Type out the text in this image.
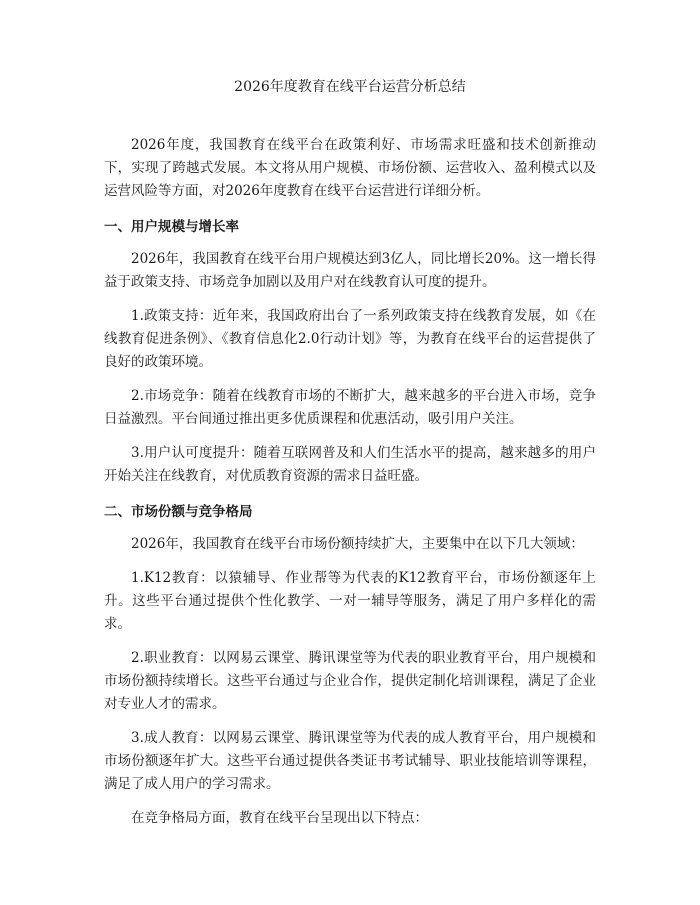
2026年度教育在线平台运营分析总结

2026年度，我国教育在线平台在政策利好、市场需求旺盛和技术创新推动下，实现了跨越式发展。本文将从用户规模、市场份额、运营收入、盈利模式以及运营风险等方面，对2026年度教育在线平台运营进行详细分析。

一、用户规模与增长率

2026年，我国教育在线平台用户规模达到3亿人，同比增长20%。这一增长得益于政策支持、市场竞争加剧以及用户对在线教育认可度的提升。

1.政策支持：近年来，我国政府出台了一系列政策支持在线教育发展，如《在线教育促进条例》、《教育信息化2.0行动计划》等，为教育在线平台的运营提供了良好的政策环境。

2.市场竞争：随着在线教育市场的不断扩大，越来越多的平台进入市场，竞争日益激烈。平台间通过推出更多优质课程和优惠活动，吸引用户关注。

3.用户认可度提升：随着互联网普及和人们生活水平的提高，越来越多的用户开始关注在线教育，对优质教育资源的需求日益旺盛。

二、市场份额与竞争格局

2026年，我国教育在线平台市场份额持续扩大，主要集中在以下几大领域：

1.K12教育：以猿辅导、作业帮等为代表的K12教育平台，市场份额逐年上升。这些平台通过提供个性化教学、一对一辅导等服务，满足了用户多样化的需求。

2.职业教育：以网易云课堂、腾讯课堂等为代表的职业教育平台，用户规模和市场份额持续增长。这些平台通过与企业合作，提供定制化培训课程，满足了企业对专业人才的需求。

3.成人教育：以网易云课堂、腾讯课堂等为代表的成人教育平台，用户规模和市场份额逐年扩大。这些平台通过提供各类证书考试辅导、职业技能培训等课程，满足了成人用户的学习需求。

在竞争格局方面，教育在线平台呈现出以下特点：
